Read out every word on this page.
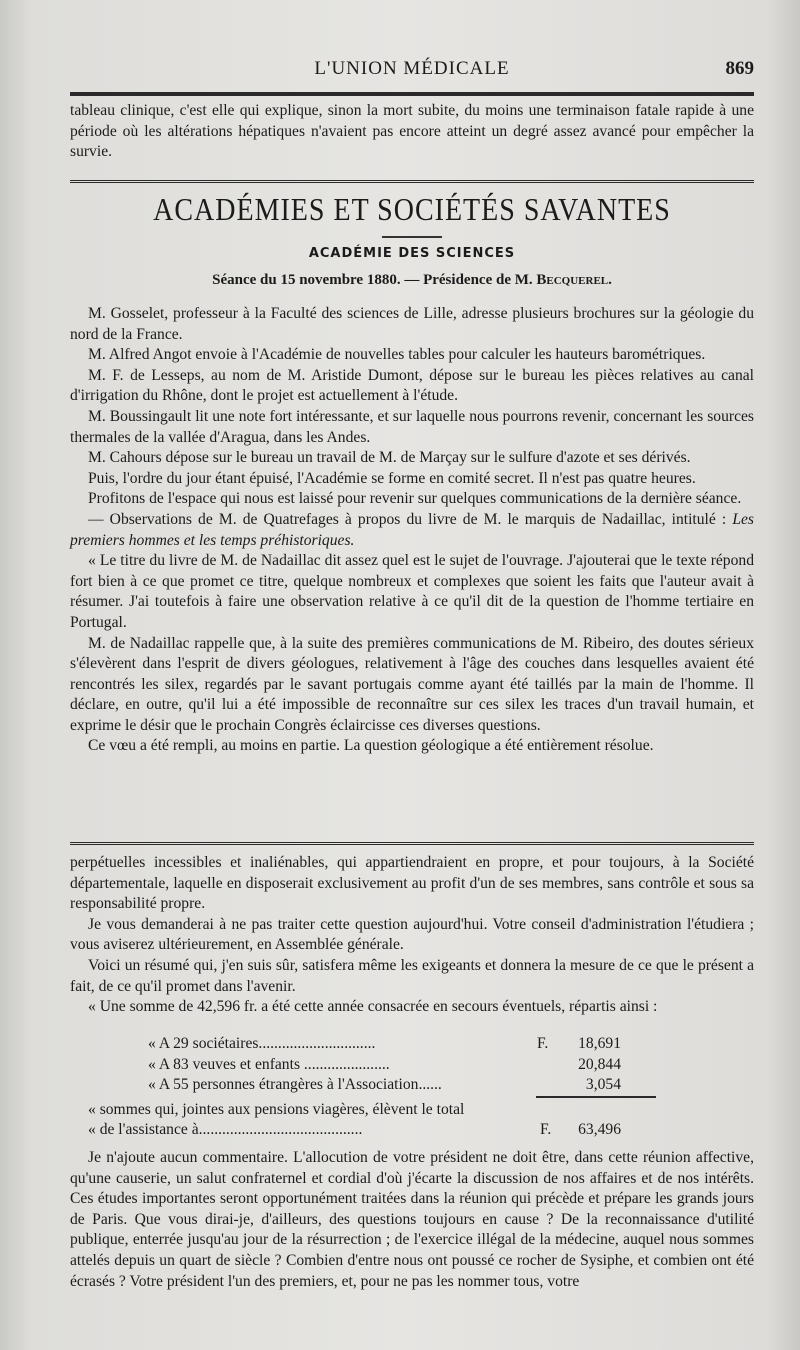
L'UNION MÉDICALE	869

tableau clinique, c'est elle qui explique, sinon la mort subite, du moins une terminaison fatale rapide à une période où les altérations hépatiques n'avaient pas encore atteint un degré assez avancé pour empêcher la survie.

ACADÉMIES ET SOCIÉTÉS SAVANTES
ACADÉMIE DES SCIENCES
Séance du 15 novembre 1880. — Présidence de M. Becquerel.

M. Gosselet, professeur à la Faculté des sciences de Lille, adresse plusieurs brochures sur la géologie du nord de la France.

M. Alfred Angot envoie à l'Académie de nouvelles tables pour calculer les hauteurs barométriques.

M. F. de Lesseps, au nom de M. Aristide Dumont, dépose sur le bureau les pièces relatives au canal d'irrigation du Rhône, dont le projet est actuellement à l'étude.

M. Boussingault lit une note fort intéressante, et sur laquelle nous pourrons revenir, concernant les sources thermales de la vallée d'Aragua, dans les Andes.

M. Cahours dépose sur le bureau un travail de M. de Marçay sur le sulfure d'azote et ses dérivés.

Puis, l'ordre du jour étant épuisé, l'Académie se forme en comité secret. Il n'est pas quatre heures.

Profitons de l'espace qui nous est laissé pour revenir sur quelques communications de la dernière séance.

— Observations de M. de Quatrefages à propos du livre de M. le marquis de Nadaillac, intitulé : Les premiers hommes et les temps préhistoriques.

« Le titre du livre de M. de Nadaillac dit assez quel est le sujet de l'ouvrage. J'ajouterai que le texte répond fort bien à ce que promet ce titre, quelque nombreux et complexes que soient les faits que l'auteur avait à résumer. J'ai toutefois à faire une observation relative à ce qu'il dit de la question de l'homme tertiaire en Portugal.

M. de Nadaillac rappelle que, à la suite des premières communications de M. Ribeiro, des doutes sérieux s'élevèrent dans l'esprit de divers géologues, relativement à l'âge des couches dans lesquelles avaient été rencontrés les silex, regardés par le savant portugais comme ayant été taillés par la main de l'homme. Il déclare, en outre, qu'il lui a été impossible de reconnaître sur ces silex les traces d'un travail humain, et exprime le désir que le prochain Congrès éclaircisse ces diverses questions.

Ce vœu a été rempli, au moins en partie. La question géologique a été entièrement résolue.

perpétuelles incessibles et inaliénables, qui appartiendraient en propre, et pour toujours, à la Société départementale, laquelle en disposerait exclusivement au profit d'un de ses membres, sans contrôle et sous sa responsabilité propre.

Je vous demanderai à ne pas traiter cette question aujourd'hui. Votre conseil d'administration l'étudiera ; vous aviserez ultérieurement, en Assemblée générale.

Voici un résumé qui, j'en suis sûr, satisfera même les exigeants et donnera la mesure de ce que le présent a fait, de ce qu'il promet dans l'avenir.

« Une somme de 42,596 fr. a été cette année consacrée en secours éventuels, répartis ainsi :

« A 29 sociétaires..............................	F. 18,691
« A 83 veuves et enfants ......................	20,844
« A 55 personnes étrangères à l'Association......	3,054

« sommes qui, jointes aux pensions viagères, élèvent le total

« de l'assistance à..........................................	F. 63,496

Je n'ajoute aucun commentaire. L'allocution de votre président ne doit être, dans cette réunion affective, qu'une causerie, un salut confraternel et cordial d'où j'écarte la discussion de nos affaires et de nos intérêts. Ces études importantes seront opportunément traitées dans la réunion qui précède et prépare les grands jours de Paris. Que vous dirai-je, d'ailleurs, des questions toujours en cause ? De la reconnaissance d'utilité publique, enterrée jusqu'au jour de la résurrection ; de l'exercice illégal de la médecine, auquel nous sommes attelés depuis un quart de siècle ? Combien d'entre nous ont poussé ce rocher de Sysiphe, et combien ont été écrasés ? Votre président l'un des premiers, et, pour ne pas les nommer tous, votre
